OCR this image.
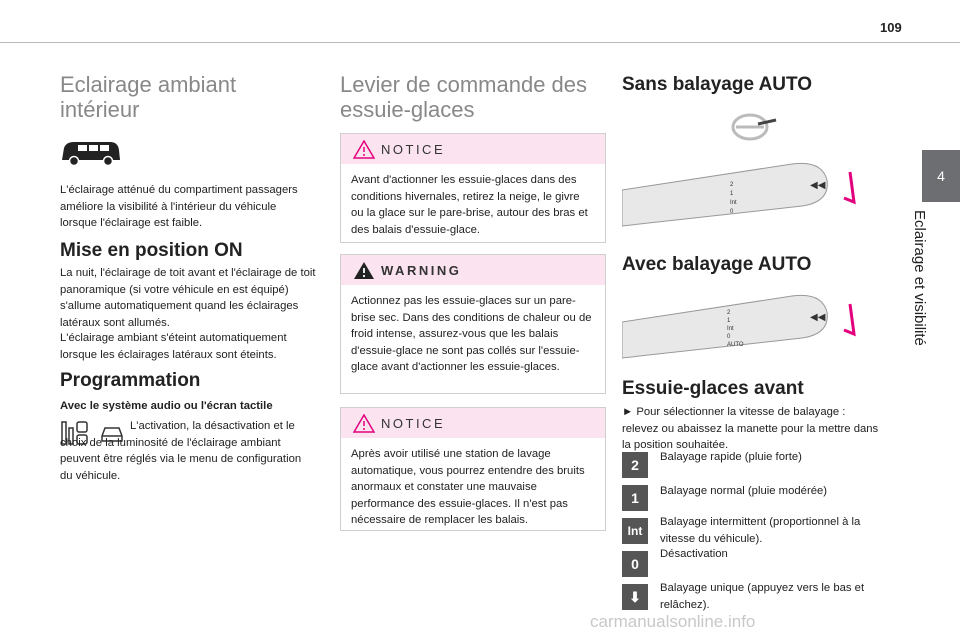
109
4
Eclairage et visibilité
Eclairage ambiant intérieur
L'éclairage atténué du compartiment passagers améliore la visibilité à l'intérieur du véhicule lorsque l'éclairage est faible.
Mise en position ON
La nuit, l'éclairage de toit avant et l'éclairage de toit panoramique (si votre véhicule en est équipé) s'allume automatiquement quand les éclairages latéraux sont allumés.
L'éclairage ambiant s'éteint automatiquement lorsque les éclairages latéraux sont éteints.
Programmation
Avec le système audio ou l'écran tactile
L'activation, la désactivation et le choix de la luminosité de l'éclairage ambiant peuvent être réglés via le menu de configuration du véhicule.
Levier de commande des essuie-glaces
NOTICE
Avant d'actionner les essuie-glaces dans des conditions hivernales, retirez la neige, le givre ou la glace sur le pare-brise, autour des bras et des balais d'essuie-glace.
WARNING
Actionnez pas les essuie-glaces sur un pare-brise sec. Dans des conditions de chaleur ou de froid intense, assurez-vous que les balais d'essuie-glace ne sont pas collés sur l'essuie-glace avant d'actionner les essuie-glaces.
NOTICE
Après avoir utilisé une station de lavage automatique, vous pourrez entendre des bruits anormaux et constater une mauvaise performance des essuie-glaces. Il n'est pas nécessaire de remplacer les balais.
Sans balayage AUTO
2
1
Int
0
◀◀
Avec balayage AUTO
2
1
Int
0
AUTO
◀◀
Essuie-glaces avant
► Pour sélectionner la vitesse de balayage : relevez ou abaissez la manette pour la mettre dans la position souhaitée.
2	Balayage rapide (pluie forte)
1	Balayage normal (pluie modérée)
Int
Balayage intermittent (proportionnel à la vitesse du véhicule).
0
Désactivation
⬇
Balayage unique (appuyez vers le bas et relâchez).
carmanualsonline.info
